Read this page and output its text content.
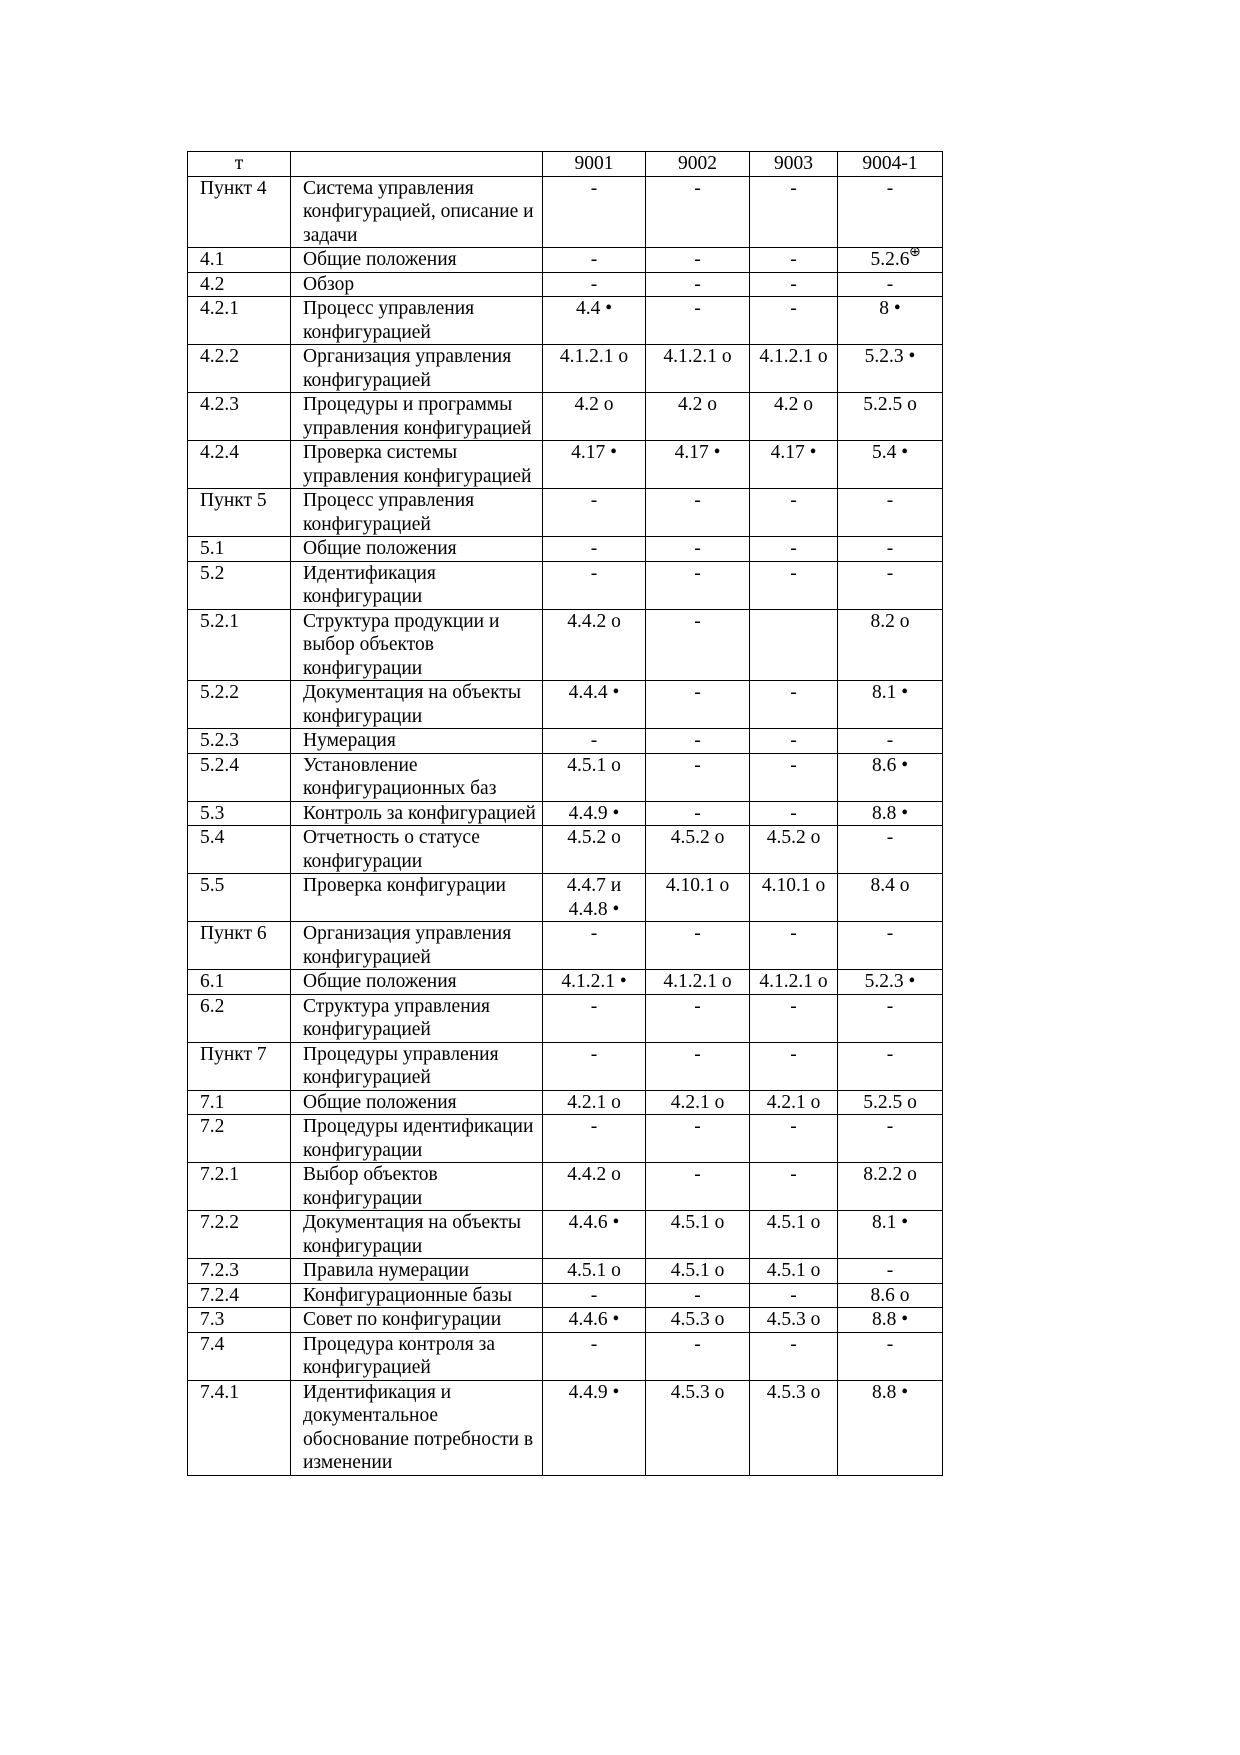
т		9001	9002	9003	9004-1
Пункт 4	Система управления конфигурацией, описание и задачи	-	-	-	-
4.1	Общие положения	-	-	-	5.2.6
4.2	Обзор	-	-	-	-
4.2.1	Процесс управления конфигурацией	4.4 •	-	-	8 •
4.2.2	Организация управления конфигурацией	4.1.2.1 о	4.1.2.1 о	4.1.2.1 о	5.2.3 •
4.2.3	Процедуры и программы управления конфигурацией	4.2 о	4.2 о	4.2 о	5.2.5 о
4.2.4	Проверка системы управления конфигурацией	4.17 •	4.17 •	4.17 •	5.4 •
Пункт 5	Процесс управления конфигурацией	-	-	-	-
5.1	Общие положения	-	-	-	-
5.2	Идентификация конфигурации	-	-	-	-
5.2.1	Структура продукции и выбор объектов конфигурации	4.4.2 о	-		8.2 о
5.2.2	Документация на объекты конфигурации	4.4.4 •	-	-	8.1 •
5.2.3	Нумерация	-	-	-	-
5.2.4	Установление конфигурационных баз	4.5.1 о	-	-	8.6 •
5.3	Контроль за конфигурацией	4.4.9 •	-	-	8.8 •
5.4	Отчетность о статусе конфигурации	4.5.2 о	4.5.2 о	4.5.2 о	-
5.5	Проверка конфигурации	4.4.7 и 4.4.8 •	4.10.1 о	4.10.1 о	8.4 о
Пункт 6	Организация управления конфигурацией	-	-	-	-
6.1	Общие положения	4.1.2.1 •	4.1.2.1 о	4.1.2.1 о	5.2.3 •
6.2	Структура управления конфигурацией	-	-	-	-
Пункт 7	Процедуры управления конфигурацией	-	-	-	-
7.1	Общие положения	4.2.1 о	4.2.1 о	4.2.1 о	5.2.5 о
7.2	Процедуры идентификации конфигурации	-	-	-	-
7.2.1	Выбор объектов конфигурации	4.4.2 о	-	-	8.2.2 о
7.2.2	Документация на объекты конфигурации	4.4.6 •	4.5.1 о	4.5.1 о	8.1 •
7.2.3	Правила нумерации	4.5.1 о	4.5.1 о	4.5.1 о	-
7.2.4	Конфигурационные базы	-	-	-	8.6 о
7.3	Совет по конфигурации	4.4.6 •	4.5.3 о	4.5.3 о	8.8 •
7.4	Процедура контроля за конфигурацией	-	-	-	-
7.4.1	Идентификация и документальное обоснование потребности в изменении	4.4.9 •	4.5.3 о	4.5.3 о	8.8 •
⊕
